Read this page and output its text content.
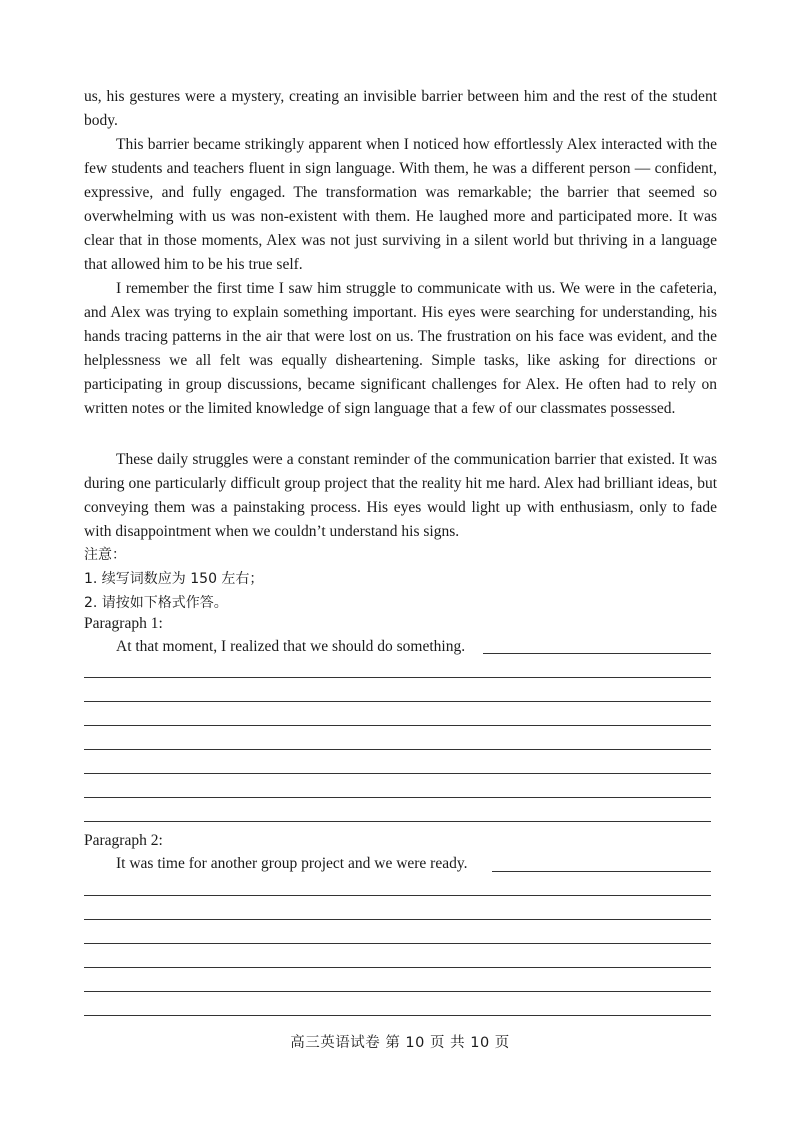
us, his gestures were a mystery, creating an invisible barrier between him and the rest of the student body.
This barrier became strikingly apparent when I noticed how effortlessly Alex interacted with the few students and teachers fluent in sign language. With them, he was a different person — confident, expressive, and fully engaged. The transformation was remarkable; the barrier that seemed so overwhelming with us was non-existent with them. He laughed more and participated more. It was clear that in those moments, Alex was not just surviving in a silent world but thriving in a language that allowed him to be his true self.
I remember the first time I saw him struggle to communicate with us. We were in the cafeteria, and Alex was trying to explain something important. His eyes were searching for understanding, his hands tracing patterns in the air that were lost on us. The frustration on his face was evident, and the helplessness we all felt was equally disheartening. Simple tasks, like asking for directions or participating in group discussions, became significant challenges for Alex. He often had to rely on written notes or the limited knowledge of sign language that a few of our classmates possessed.
These daily struggles were a constant reminder of the communication barrier that existed. It was during one particularly difficult group project that the reality hit me hard. Alex had brilliant ideas, but conveying them was a painstaking process. His eyes would light up with enthusiasm, only to fade with disappointment when we couldn’t understand his signs.
注意：
1. 续写词数应为 150 左右；
2. 请按如下格式作答。
Paragraph 1:
At that moment, I realized that we should do something.
Paragraph 2:
It was time for another group project and we were ready.
高三英语试卷 第 10 页 共 10 页
